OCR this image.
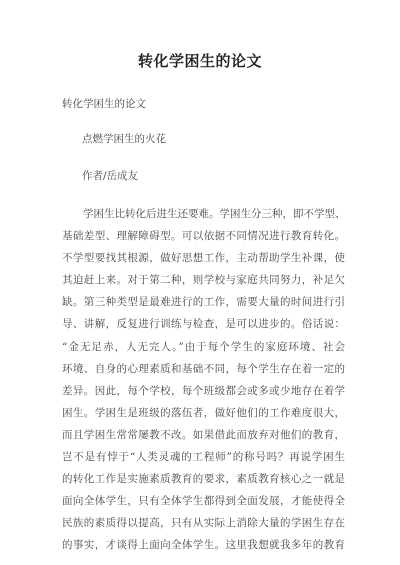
转化学困生的论文
转化学困生的论文
点燃学困生的火花
作者/岳成友
　　学困生比转化后进生还要难。学困生分三种，即不学型、
基础差型、理解障碍型。可以依据不同情况进行教育转化。
不学型要找其根源，做好思想工作，主动帮助学生补课，使
其迫赶上来。对于第二种，则学校与家庭共同努力，补足欠
缺。第三种类型是最难进行的工作，需要大量的时间进行引
导、讲解，反复进行训练与检查，是可以进步的。俗话说：
“金无足赤，人无完人。”由于每个学生的家庭环境、社会
环境、自身的心理素质和基础不同，每个学生存在着一定的
差异。因此，每个学校，每个班级都会或多或少地存在着学
困生。学困生是班级的落伍者，做好他们的工作难度很大，
而且学困生常常屡教不改。如果借此而放弃对他们的教育，
岂不是有悖于“人类灵魂的工程师”的称号吗？再说学困生
的转化工作是实施素质教育的要求，素质教育核心之一就是
面向全体学生，只有全体学生都得到全面发展，才能使得全
民族的素质得以提高，只有从实际上消除大量的学困生存在
的事实，才谈得上面向全体学生。这里我想就我多年的教育
